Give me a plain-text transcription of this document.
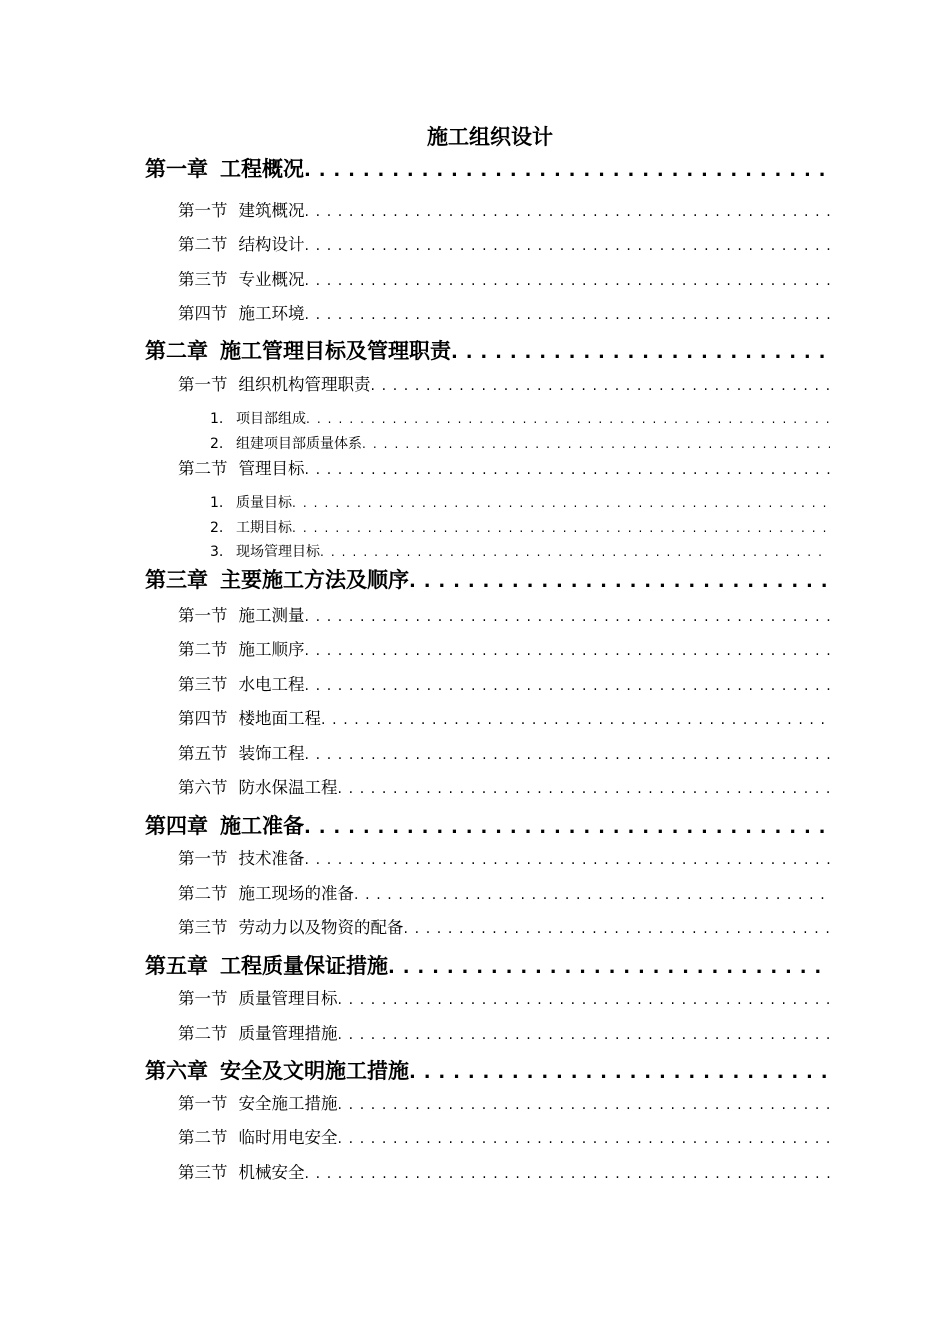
施工组织设计
第一章 工程概况
. . .
第一节 建筑概况
. . .
第二节 结构设计
. . .
第三节 专业概况
. . .
第四节 施工环境
. . .
第二章 施工管理目标及管理职责
. . .
第一节 组织机构管理职责
. . .
1. 项目部组成
. . .
2. 组建项目部质量体系
. . .
第二节 管理目标
. . .
1. 质量目标
. . .
2. 工期目标
. . .
3. 现场管理目标
. . .
第三章 主要施工方法及顺序
. . .
第一节 施工测量
. . .
第二节 施工顺序
. . .
第三节 水电工程
. . .
第四节 楼地面工程
. . .
第五节 装饰工程
. . .
第六节 防水保温工程
. . .
第四章 施工准备
. . .
第一节 技术准备
. . .
第二节 施工现场的准备
. . .
第三节 劳动力以及物资的配备
. . .
第五章 工程质量保证措施
. . .
第一节 质量管理目标
. . .
第二节 质量管理措施
. . .
第六章 安全及文明施工措施
. . .
第一节 安全施工措施
. . .
第二节 临时用电安全
. . .
第三节 机械安全
. . .
